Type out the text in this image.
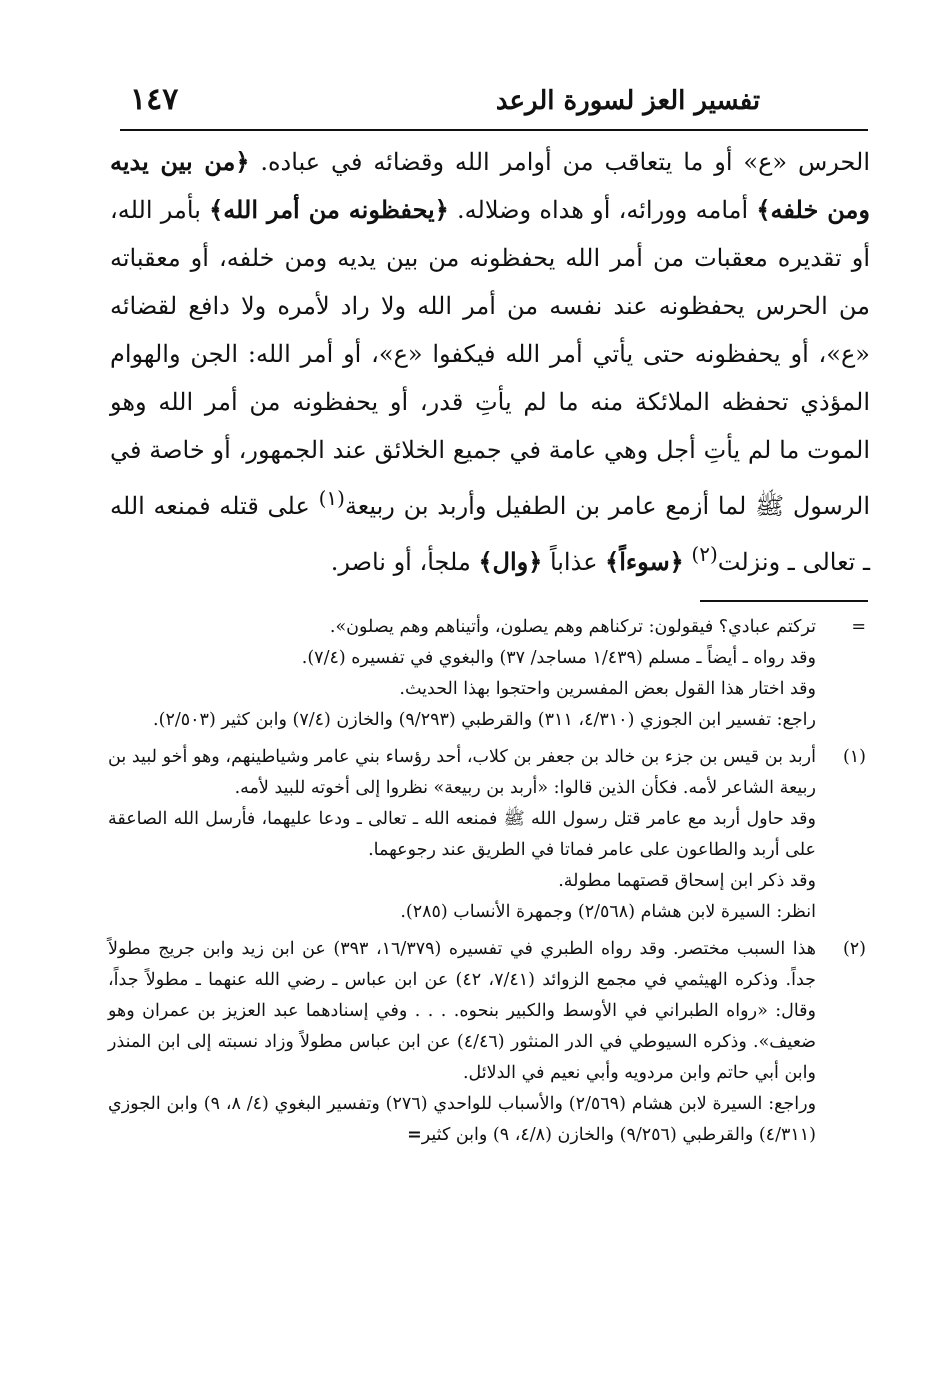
١٤٧	تفسير العز لسورة الرعد

الحرس «ع» أو ما يتعاقب من أوامر الله وقضائه في عباده. ﴿من بين يديه ومن خلفه﴾ أمامه وورائه، أو هداه وضلاله. ﴿يحفظونه من أمر الله﴾ بأمر الله، أو تقديره معقبات من أمر الله يحفظونه من بين يديه ومن خلفه، أو معقباته من الحرس يحفظونه عند نفسه من أمر الله ولا راد لأمره ولا دافع لقضائه «ع»، أو يحفظونه حتى يأتي أمر الله فيكفوا «ع»، أو أمر الله: الجن والهوام المؤذي تحفظه الملائكة منه ما لم يأتِ قدر، أو يحفظونه من أمر الله وهو الموت ما لم يأتِ أجل وهي عامة في جميع الخلائق عند الجمهور، أو خاصة في الرسول ﷺ لما أزمع عامر بن الطفيل وأربد بن ربيعة$^{(١)}$ على قتله فمنعه الله ـ تعالى ـ ونزلت$^{(٢)}$ ﴿سوءاً﴾ عذاباً ﴿وال﴾ ملجأ، أو ناصر.

=

تركتم عبادي؟ فيقولون: تركناهم وهم يصلون، وأتيناهم وهم يصلون».

وقد رواه ـ أيضاً ـ مسلم (١/٤٣٩ مساجد/ ٣٧) والبغوي في تفسيره (٧/٤).

وقد اختار هذا القول بعض المفسرين واحتجوا بهذا الحديث.

راجع: تفسير ابن الجوزي (٤/٣١٠، ٣١١) والقرطبي (٩/٢٩٣) والخازن (٧/٤) وابن كثير (٢/٥٠٣).

(١)

أربد بن قيس بن جزء بن خالد بن جعفر بن كلاب، أحد رؤساء بني عامر وشياطينهم، وهو أخو لبيد بن ربيعة الشاعر لأمه. فكأن الذين قالوا: «أربد بن ربيعة» نظروا إلى أخوته للبيد لأمه.

وقد حاول أربد مع عامر قتل رسول الله ﷺ فمنعه الله ـ تعالى ـ ودعا عليهما، فأرسل الله الصاعقة على أربد والطاعون على عامر فماتا في الطريق عند رجوعهما.

وقد ذكر ابن إسحاق قصتهما مطولة.

انظر: السيرة لابن هشام (٢/٥٦٨) وجمهرة الأنساب (٢٨٥).

(٢)

هذا السبب مختصر. وقد رواه الطبري في تفسيره (١٦/٣٧٩، ٣٩٣) عن ابن زيد وابن جريج مطولاً جداً. وذكره الهيثمي في مجمع الزوائد (٧/٤١، ٤٢) عن ابن عباس ـ رضي الله عنهما ـ مطولاً جداً، وقال: «رواه الطبراني في الأوسط والكبير بنحوه. . . . وفي إسنادهما عبد العزيز بن عمران وهو ضعيف». وذكره السيوطي في الدر المنثور (٤/٤٦) عن ابن عباس مطولاً وزاد نسبته إلى ابن المنذر وابن أبي حاتم وابن مردويه وأبي نعيم في الدلائل.

وراجع: السيرة لابن هشام (٢/٥٦٩) والأسباب للواحدي (٢٧٦) وتفسير البغوي (٤/ ٨، ٩) وابن الجوزي (٤/٣١١) والقرطبي (٩/٢٥٦) والخازن (٤/٨، ٩) وابن كثير=
